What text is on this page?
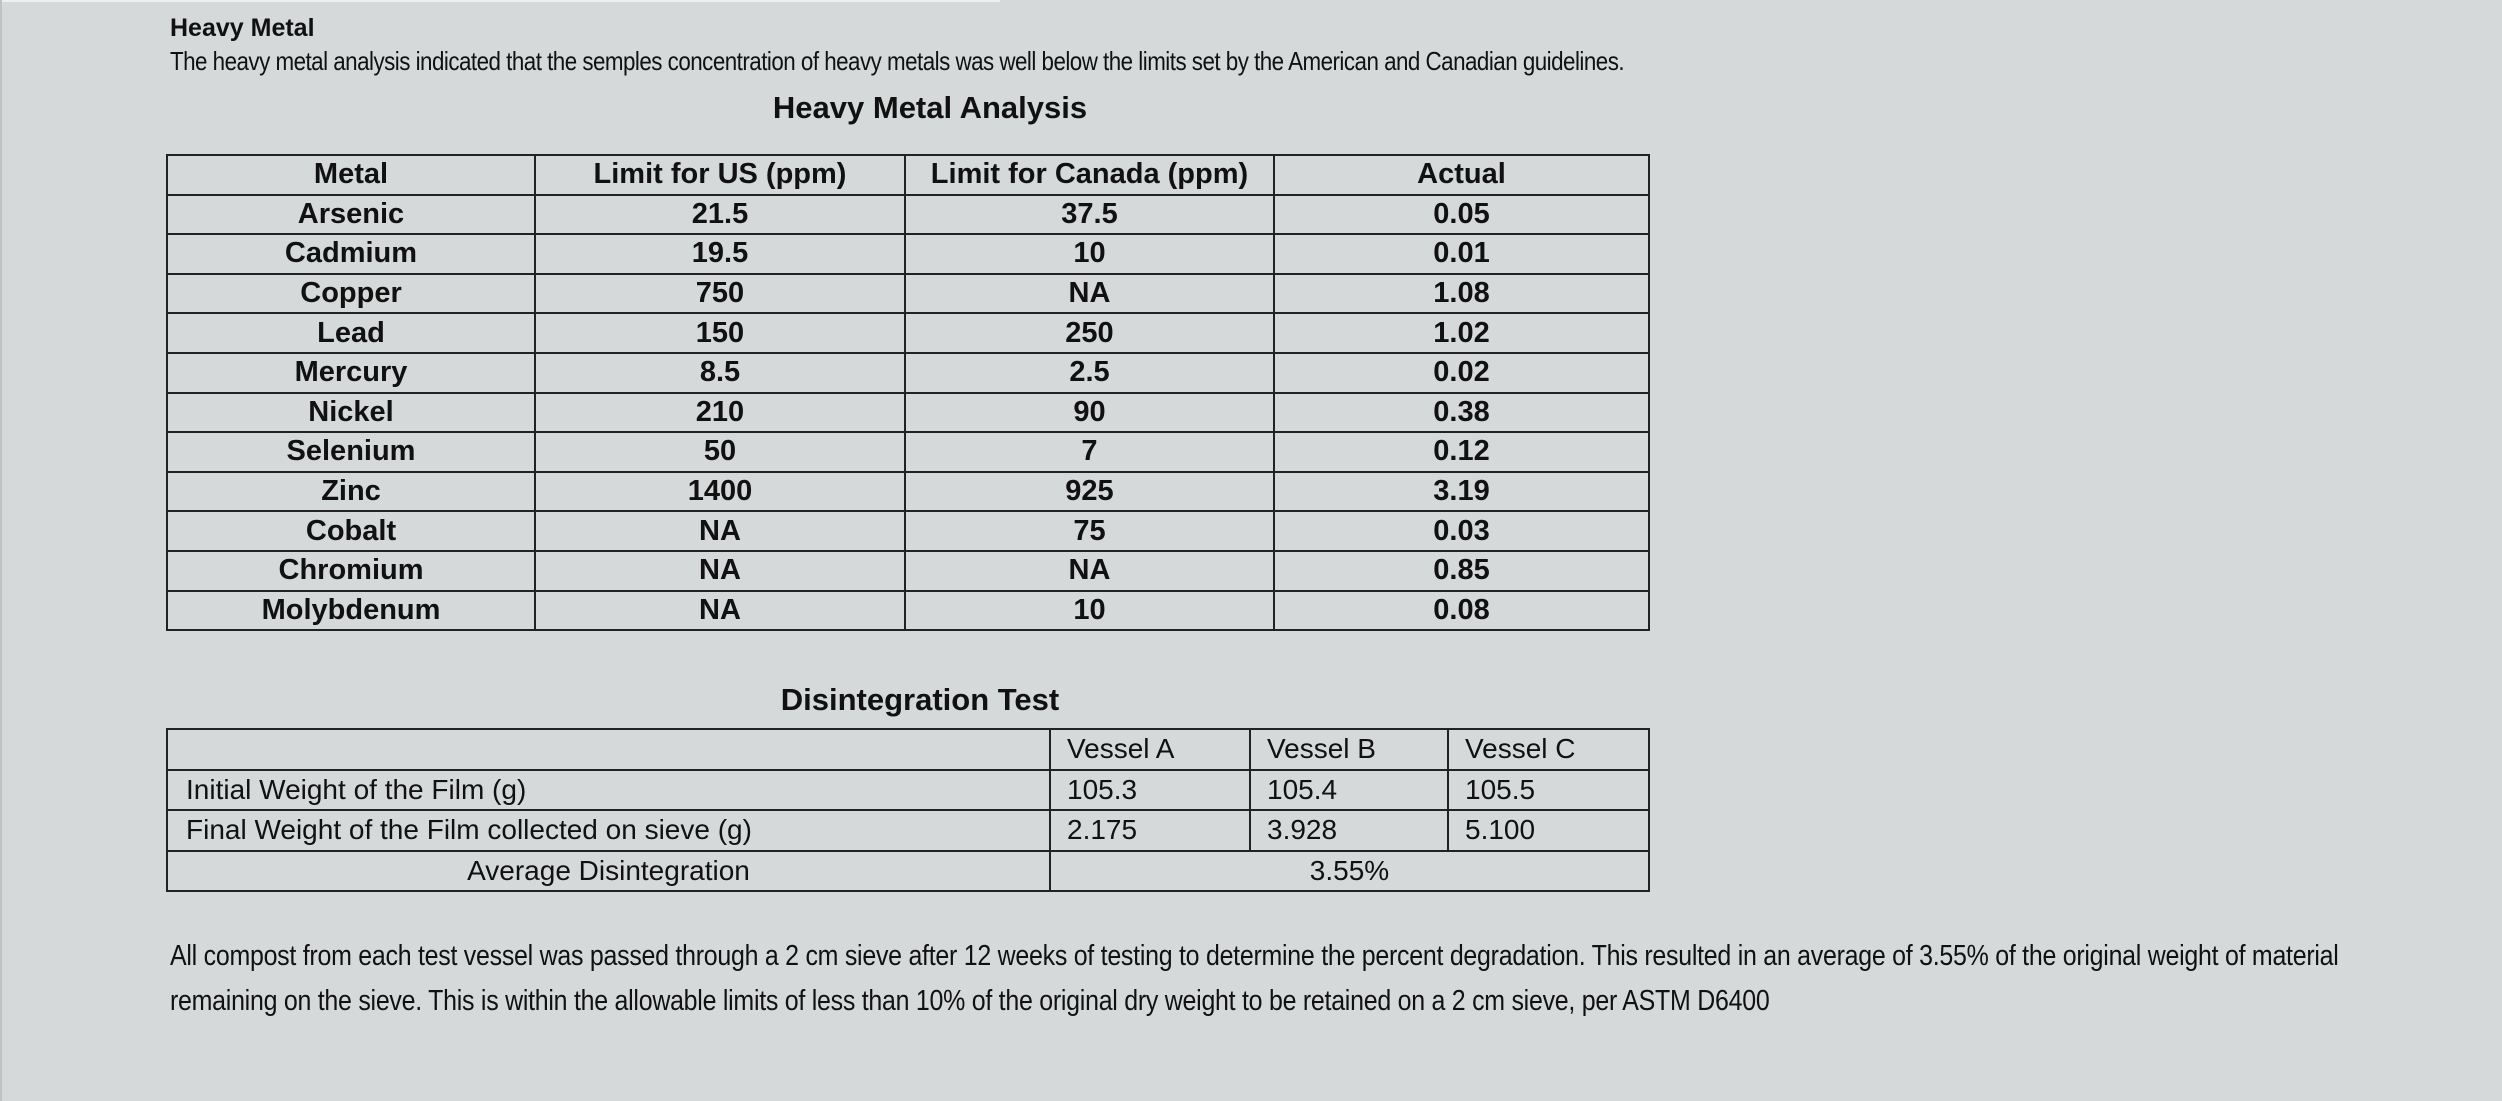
Heavy Metal
The heavy metal analysis indicated that the semples concentration of heavy metals was well below the limits set by the American and Canadian guidelines.
Heavy Metal Analysis
Metal	Limit for US (ppm)	Limit for Canada (ppm)	Actual
Arsenic	21.5	37.5	0.05
Cadmium	19.5	10	0.01
Copper	750	NA	1.08
Lead	150	250	1.02
Mercury	8.5	2.5	0.02
Nickel	210	90	0.38
Selenium	50	7	0.12
Zinc	1400	925	3.19
Cobalt	NA	75	0.03
Chromium	NA	NA	0.85
Molybdenum	NA	10	0.08
Disintegration Test
	Vessel A	Vessel B	Vessel C
Initial Weight of the Film (g)	105.3	105.4	105.5
Final Weight of the Film collected on sieve (g)	2.175	3.928	5.100
Average Disintegration	3.55%		
All compost from each test vessel was passed through a 2 cm sieve after 12 weeks of testing to determine the percent degradation. This resulted in an average of 3.55% of the original weight of material remaining on the sieve. This is within the allowable limits of less than 10% of the original dry weight to be retained on a 2 cm sieve, per ASTM D6400
